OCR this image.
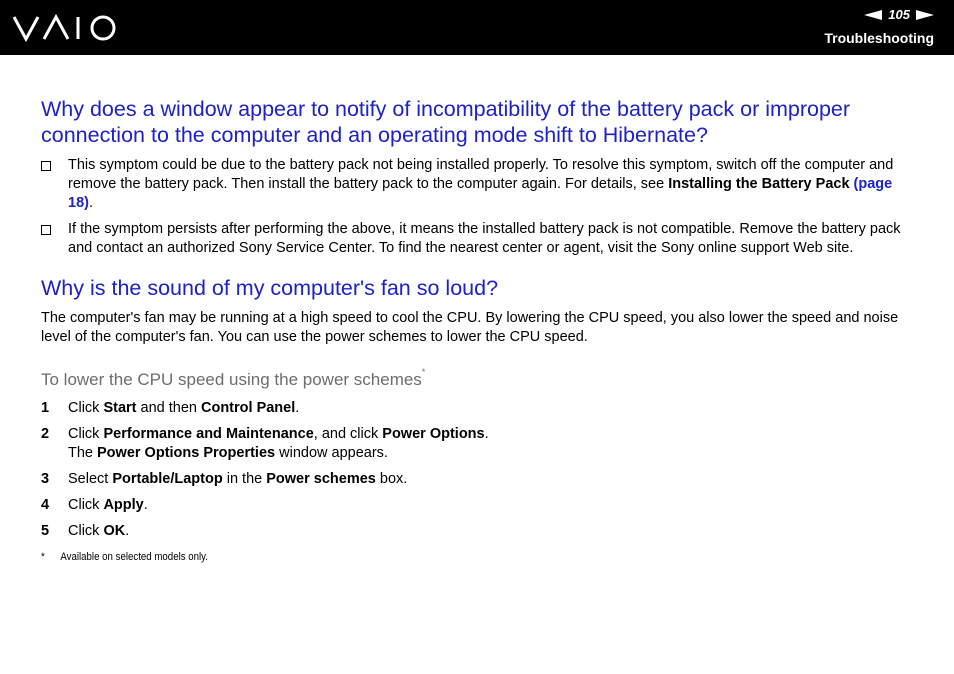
105
Troubleshooting
Why does a window appear to notify of incompatibility of the battery pack or improper connection to the computer and an operating mode shift to Hibernate?
This symptom could be due to the battery pack not being installed properly. To resolve this symptom, switch off the computer and remove the battery pack. Then install the battery pack to the computer again. For details, see Installing the Battery Pack (page 18).
If the symptom persists after performing the above, it means the installed battery pack is not compatible. Remove the battery pack and contact an authorized Sony Service Center. To find the nearest center or agent, visit the Sony online support Web site.
Why is the sound of my computer's fan so loud?

The computer's fan may be running at a high speed to cool the CPU. By lowering the CPU speed, you also lower the speed and noise level of the computer's fan. You can use the power schemes to lower the CPU speed.

To lower the CPU speed using the power schemes*
1 Click Start and then Control Panel.
2 Click Performance and Maintenance, and click Power Options.
The Power Options Properties window appears.
3 Select Portable/Laptop in the Power schemes box.
4 Click Apply.
5 Click OK.
* Available on selected models only.
